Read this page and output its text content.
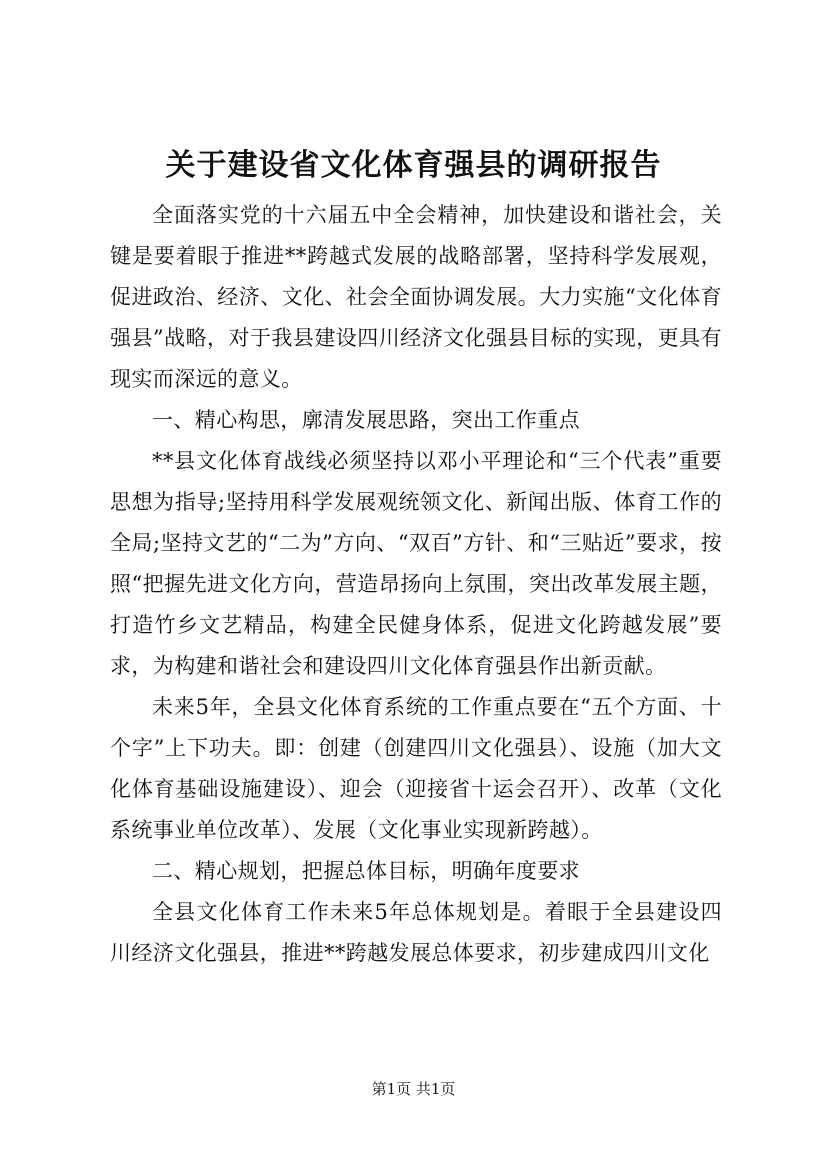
关于建设省文化体育强县的调研报告

全面落实党的十六届五中全会精神，加快建设和谐社会，关键是要着眼于推进**跨越式发展的战略部署，坚持科学发展观，促进政治、经济、文化、社会全面协调发展。大力实施“文化体育强县”战略，对于我县建设四川经济文化强县目标的实现，更具有现实而深远的意义。

一、精心构思，廓清发展思路，突出工作重点

**县文化体育战线必须坚持以邓小平理论和“三个代表”重要思想为指导;坚持用科学发展观统领文化、新闻出版、体育工作的全局;坚持文艺的“二为”方向、“双百”方针、和“三贴近”要求，按照“把握先进文化方向，营造昂扬向上氛围，突出改革发展主题，打造竹乡文艺精品，构建全民健身体系，促进文化跨越发展”要求，为构建和谐社会和建设四川文化体育强县作出新贡献。

未来5年，全县文化体育系统的工作重点要在“五个方面、十个字”上下功夫。即：创建（创建四川文化强县）、设施（加大文化体育基础设施建设）、迎会（迎接省十运会召开）、改革（文化系统事业单位改革）、发展（文化事业实现新跨越）。

二、精心规划，把握总体目标，明确年度要求

全县文化体育工作未来5年总体规划是。着眼于全县建设四川经济文化强县，推进**跨越发展总体要求，初步建成四川文化

第1页 共1页
